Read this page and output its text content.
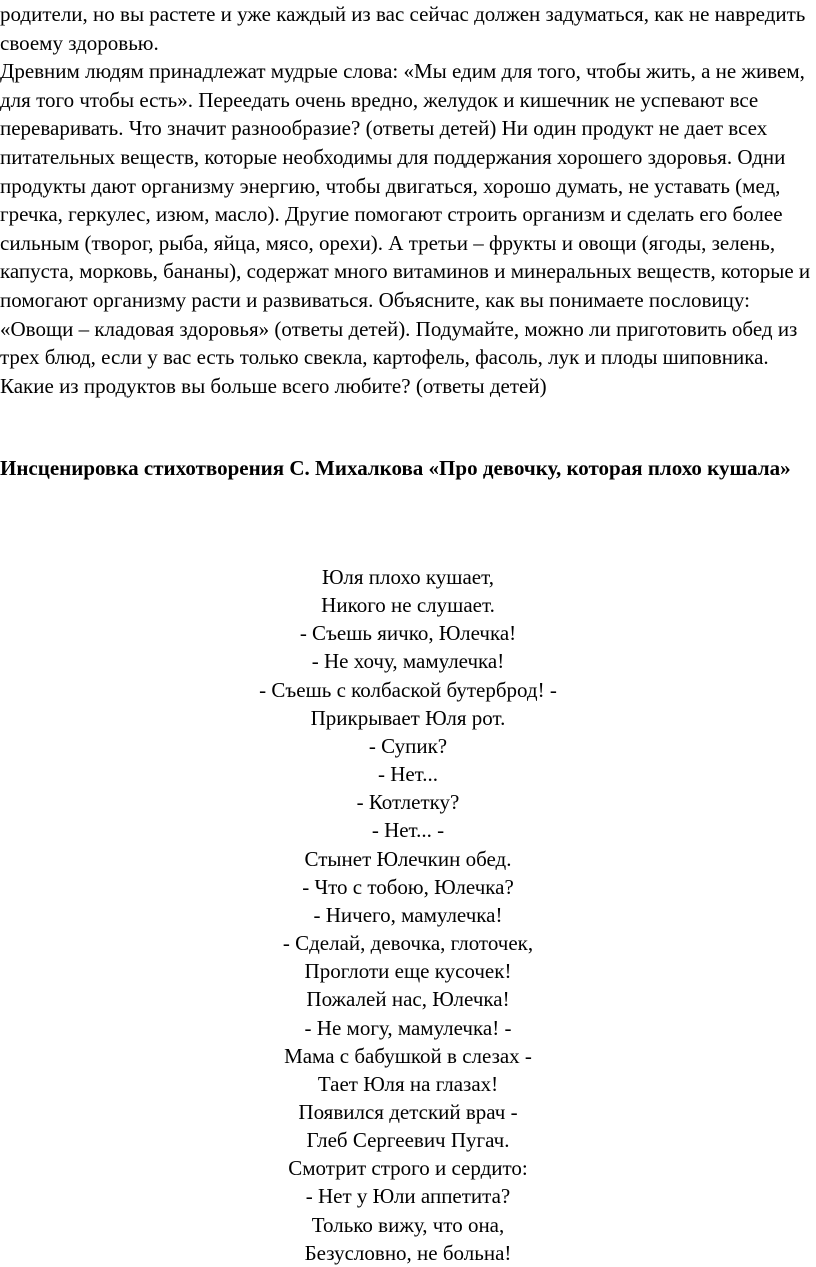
родители, но вы растете и уже каждый из вас сейчас должен задуматься, как не навредить своему здоровью.

Древним людям принадлежат мудрые слова: «Мы едим для того, чтобы жить, а не живем, для того чтобы есть». Переедать очень вредно, желудок и кишечник не успевают все переваривать. Что значит разнообразие? (ответы детей) Ни один продукт не дает всех питательных веществ, которые необходимы для поддержания хорошего здоровья. Одни продукты дают организму энергию, чтобы двигаться, хорошо думать, не уставать (мед, гречка, геркулес, изюм, масло). Другие помогают строить организм и сделать его более сильным (творог, рыба, яйца, мясо, орехи). А третьи – фрукты и овощи (ягоды, зелень, капуста, морковь, бананы), содержат много витаминов и минеральных веществ, которые и помогают организму расти и развиваться. Объясните, как вы понимаете пословицу: «Овощи – кладовая здоровья» (ответы детей). Подумайте, можно ли приготовить обед из трех блюд, если у вас есть только свекла, картофель, фасоль, лук и плоды шиповника. Какие из продуктов вы больше всего любите? (ответы детей)

Инсценировка стихотворения С. Михалкова «Про девочку, которая плохо кушала»
Юля плохо кушает,
Никого не слушает.
- Съешь яичко, Юлечка!
- Не хочу, мамулечка!
- Съешь с колбаской бутерброд! -
Прикрывает Юля рот.
- Супик?
- Нет...
- Котлетку?
- Нет... -
Стынет Юлечкин обед.
- Что с тобою, Юлечка?
- Ничего, мамулечка!
- Сделай, девочка, глоточек,
Проглоти еще кусочек!
Пожалей нас, Юлечка!
- Не могу, мамулечка! -
Мама с бабушкой в слезах -
Тает Юля на глазах!
Появился детский врач -
Глеб Сергеевич Пугач.
Смотрит строго и сердито:
- Нет у Юли аппетита?
Только вижу, что она,
Безусловно, не больна!
